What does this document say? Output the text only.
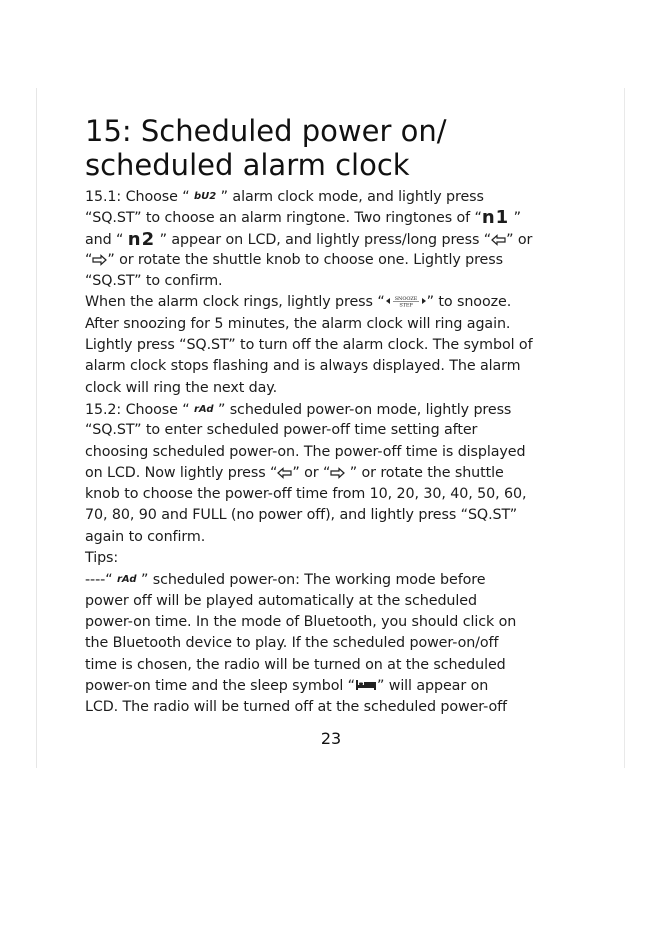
15: Scheduled power on/
scheduled alarm clock
15.1: Choose “ bU2 ” alarm clock mode, and lightly press
“SQ.ST” to choose an alarm ringtone. Two ringtones of “n1 ”
and “ n2 ” appear on LCD, and lightly press/long press “ ” or
“ ” or rotate the shuttle knob to choose one. Lightly press
“SQ.ST” to confirm.
When the alarm clock rings, lightly press “ SNOOZE
STEP ” to snooze.
After snoozing for 5 minutes, the alarm clock will ring again.
Lightly press “SQ.ST” to turn off the alarm clock. The symbol of
alarm clock stops flashing and is always displayed. The alarm
clock will ring the next day.
15.2: Choose “ rAd ” scheduled power-on mode, lightly press
“SQ.ST” to enter scheduled power-off time setting after
choosing scheduled power-on. The power-off time is displayed
on LCD. Now lightly press “ ” or “ ” or rotate the shuttle
knob to choose the power-off time from 10, 20, 30, 40, 50, 60,
70, 80, 90 and FULL (no power off), and lightly press “SQ.ST”
again to confirm.
Tips:
----“ rAd ” scheduled power-on: The working mode before
power off will be played automatically at the scheduled
power-on time. In the mode of Bluetooth, you should click on
the Bluetooth device to play. If the scheduled power-on/off
time is chosen, the radio will be turned on at the scheduled
power-on time and the sleep symbol “ ” will appear on
LCD. The radio will be turned off at the scheduled power-off
23
